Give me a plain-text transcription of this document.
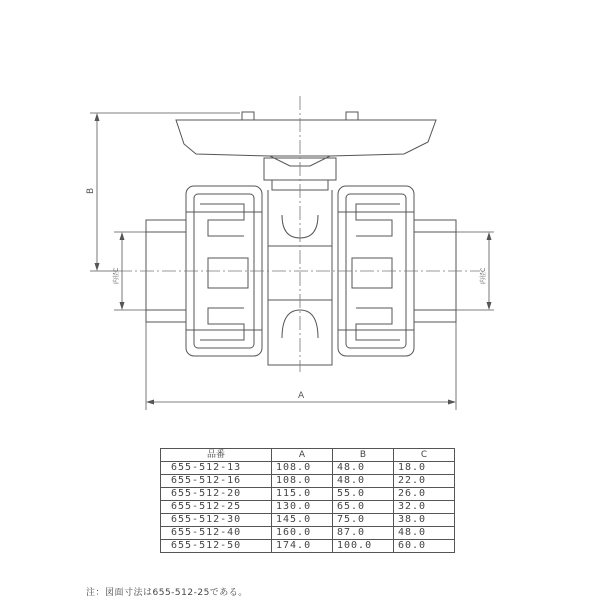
A
B
内径C	内径C
品番	A	B	C
655-512-13	108.0	48.0	18.0
655-512-16	108.0	48.0	22.0
655-512-20	115.0	55.0	26.0
655-512-25	130.0	65.0	32.0
655-512-30	145.0	75.0	38.0
655-512-40	160.0	87.0	48.0
655-512-50	174.0	100.0	60.0
注：図面寸法は655-512-25である。
